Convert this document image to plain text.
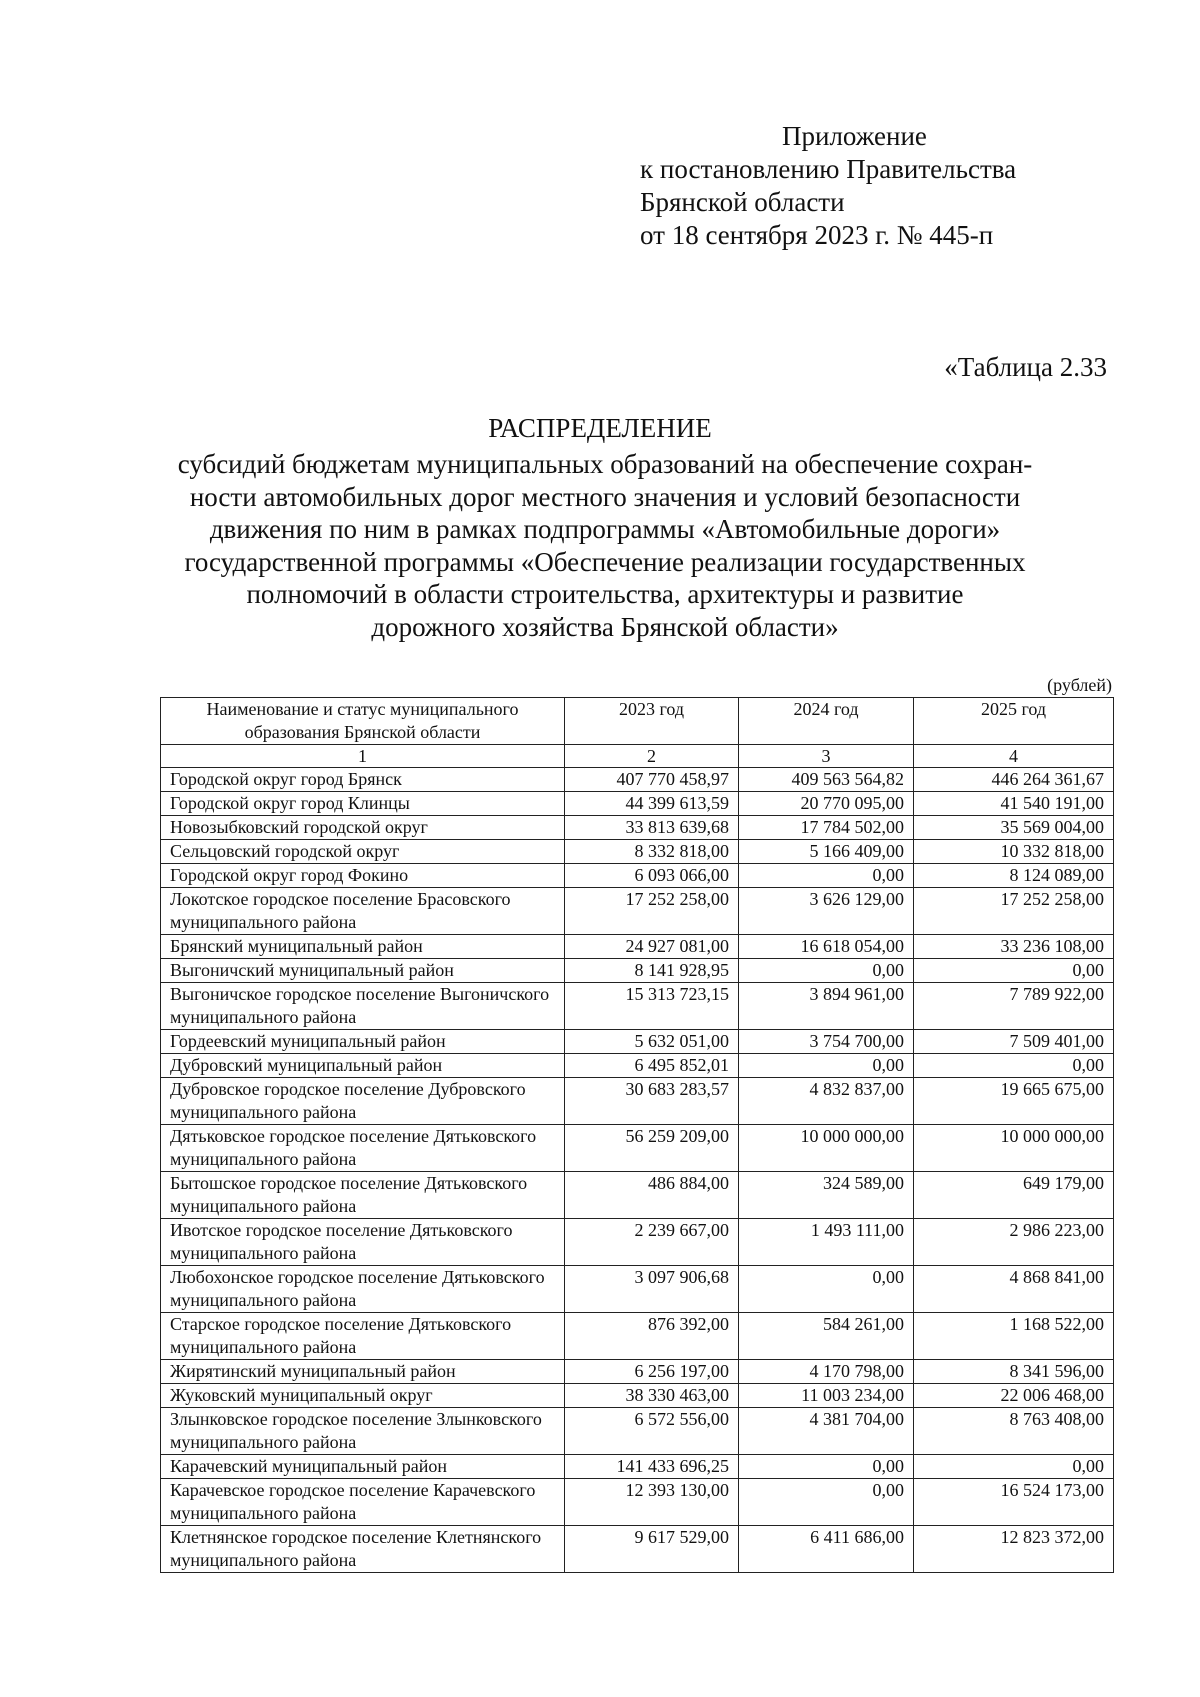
Приложение
к постановлению Правительства
Брянской области
от 18 сентября 2023 г. № 445-п
«Таблица 2.33
РАСПРЕДЕЛЕНИЕ
субсидий бюджетам муниципальных образований на обеспечение сохран-
ности автомобильных дорог местного значения и условий безопасности
движения по ним в рамках подпрограммы «Автомобильные дороги»
государственной программы «Обеспечение реализации государственных
полномочий в области строительства, архитектуры и развитие
дорожного хозяйства Брянской области»
(рублей)
Наименование и статус муниципального образования Брянской области	2023 год	2024 год	2025 год
1	2	3	4
Городской округ город Брянск	407 770 458,97	409 563 564,82	446 264 361,67
Городской округ город Клинцы	44 399 613,59	20 770 095,00	41 540 191,00
Новозыбковский городской округ	33 813 639,68	17 784 502,00	35 569 004,00
Сельцовский городской округ	8 332 818,00	5 166 409,00	10 332 818,00
Городской округ город Фокино	6 093 066,00	0,00	8 124 089,00
Локотское городское поселение Брасовского муниципального района	17 252 258,00	3 626 129,00	17 252 258,00
Брянский муниципальный район	24 927 081,00	16 618 054,00	33 236 108,00
Выгоничский муниципальный район	8 141 928,95	0,00	0,00
Выгоничское городское поселение Выгоничского муниципального района	15 313 723,15	3 894 961,00	7 789 922,00
Гордеевский муниципальный район	5 632 051,00	3 754 700,00	7 509 401,00
Дубровский муниципальный район	6 495 852,01	0,00	0,00
Дубровское городское поселение Дубровского муниципального района	30 683 283,57	4 832 837,00	19 665 675,00
Дятьковское городское поселение Дятьковского муниципального района	56 259 209,00	10 000 000,00	10 000 000,00
Бытошское городское поселение Дятьковского муниципального района	486 884,00	324 589,00	649 179,00
Ивотское городское поселение Дятьковского муниципального района	2 239 667,00	1 493 111,00	2 986 223,00
Любохонское городское поселение Дятьковского муниципального района	3 097 906,68	0,00	4 868 841,00
Старское городское поселение Дятьковского муниципального района	876 392,00	584 261,00	1 168 522,00
Жирятинский муниципальный район	6 256 197,00	4 170 798,00	8 341 596,00
Жуковский муниципальный округ	38 330 463,00	11 003 234,00	22 006 468,00
Злынковское городское поселение Злынковского муниципального района	6 572 556,00	4 381 704,00	8 763 408,00
Карачевский муниципальный район	141 433 696,25	0,00	0,00
Карачевское городское поселение Карачевского муниципального района	12 393 130,00	0,00	16 524 173,00
Клетнянское городское поселение Клетнянского муниципального района	9 617 529,00	6 411 686,00	12 823 372,00
